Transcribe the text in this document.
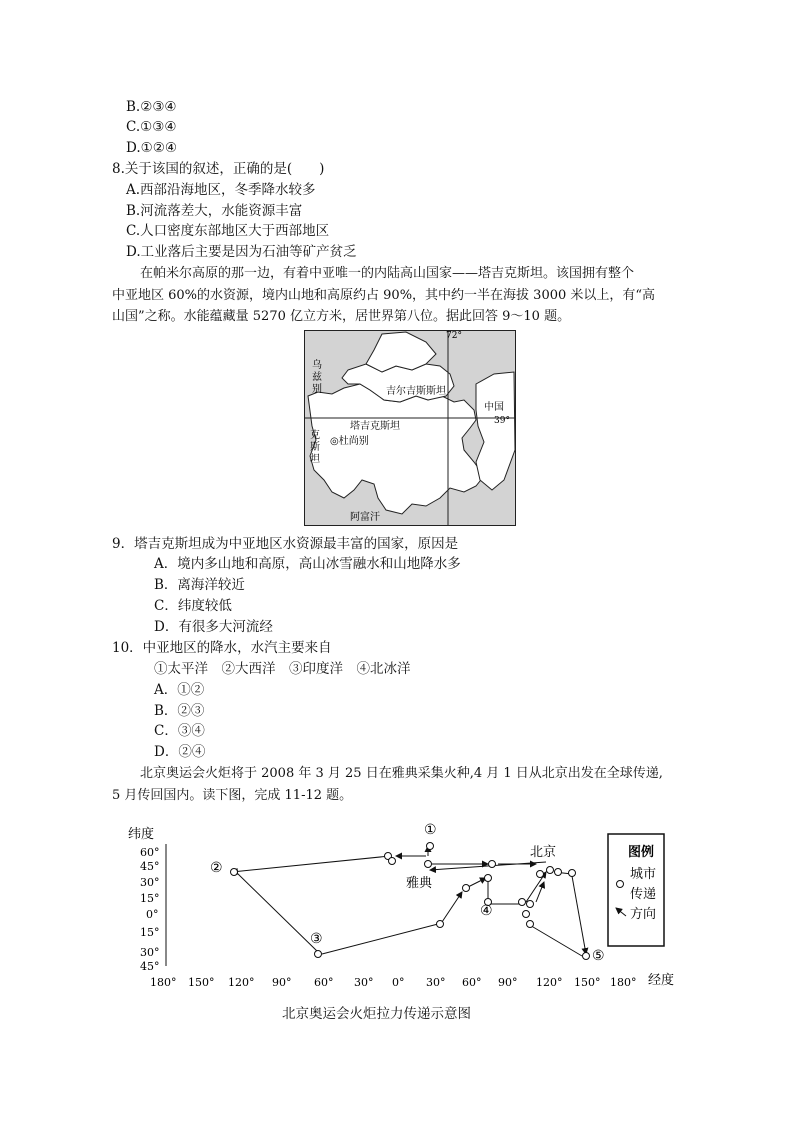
B.②③④
C.①③④
D.①②④
8.关于该国的叙述，正确的是(　　)
A.西部沿海地区，冬季降水较多
B.河流落差大，水能资源丰富
C.人口密度东部地区大于西部地区
D.工业落后主要是因为石油等矿产贫乏
在帕米尔高原的那一边，有着中亚唯一的内陆高山国家——塔吉克斯坦。该国拥有整个
中亚地区 60%的水资源，境内山地和高原约占 90%，其中约一半在海拔 3000 米以上，有“高
山国”之称。水能蕴藏量 5270 亿立方米，居世界第八位。据此回答 9～10 题。
72°
39°
乌
兹
别	吉尔吉斯斯坦
中国
塔吉克斯坦
克
斯
坦
◎杜尚别
阿富汗
9．塔吉克斯坦成为中亚地区水资源最丰富的国家，原因是
A．境内多山地和高原，高山冰雪融水和山地降水多
B．离海洋较近
C．纬度较低
D．有很多大河流经
10．中亚地区的降水，水汽主要来自
①太平洋　②大西洋　③印度洋　④北冰洋
A．①②
B．②③
C．③④
D．②④
北京奥运会火炬将于 2008 年 3 月 25 日在雅典采集火种,4 月 1 日从北京出发在全球传递,
5 月传回国内。读下图，完成 11-12 题。
纬度
经度
60°
45°
30°
15°
0°
15°
30°
45°
180° 150° 120° 90° 60° 30° 0° 30° 60° 90° 120° 150° 180°
①
②
③
④
⑤
北京
雅典
图例
城市
传递
方向
北京奥运会火炬拉力传递示意图
